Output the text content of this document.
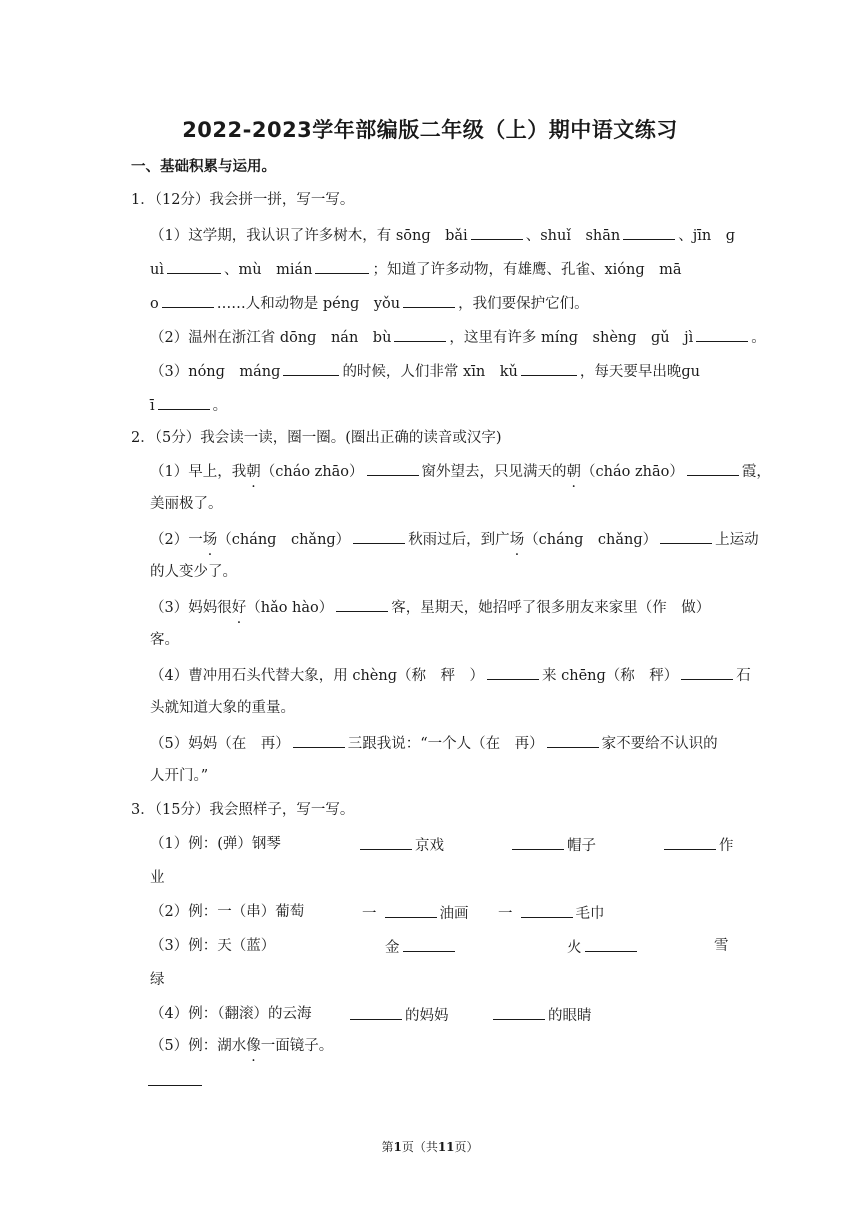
2022-2023学年部编版二年级（上）期中语文练习
一、基础积累与运用。
1．（12分）我会拼一拼，写一写。
（1）这学期，我认识了许多树木，有 sōnɡ　bǎi	、shuǐ　shān	、jīn　ɡ
uì	、mù　mián	；知道了许多动物，有雄鹰、孔雀、xiónɡ　mā
o	……人和动物是 pénɡ　yǒu	，我们要保护它们。
（2）温州在浙江省 dōnɡ　nán　bù	，这里有许多 mínɡ　shènɡ　ɡǔ　jì	。
（3）nónɡ　mánɡ	的时候，人们非常 xīn　kǔ	，每天要早出晚ɡu
ī	。
2．（5分）我会读一读，圈一圈。(圈出正确的读音或汉字)
（1）早上，我朝（cháo zhāo）	窗外望去，只见满天的朝（cháo zhāo）	霞，
美丽极了。
（2）一场（chánɡ　chǎnɡ）	秋雨过后，到广场（chánɡ　chǎnɡ）	上运动
的人变少了。
（3）妈妈很好（hǎo hào）	客，星期天，她招呼了很多朋友来家里（作　做）
客。
（4）曹冲用石头代替大象，用 chènɡ（称　秤　）	来 chēnɡ（称　秤）	石
头就知道大象的重量。
（5）妈妈（在　再）	三跟我说：“一个人（在　再）	家不要给不认识的
人开门。”
3．（15分）我会照样子，写一写。
（1）例：(弹）钢琴	京戏	帽子	作
业
（2）例：一（串）葡萄	一	油画 一	毛巾
（3）例：天（蓝）	金	火	雪
绿
（4）例：（翻滚）的云海	的妈妈	的眼睛
（5）例：湖水像一面镜子。
第1页（共11页）
